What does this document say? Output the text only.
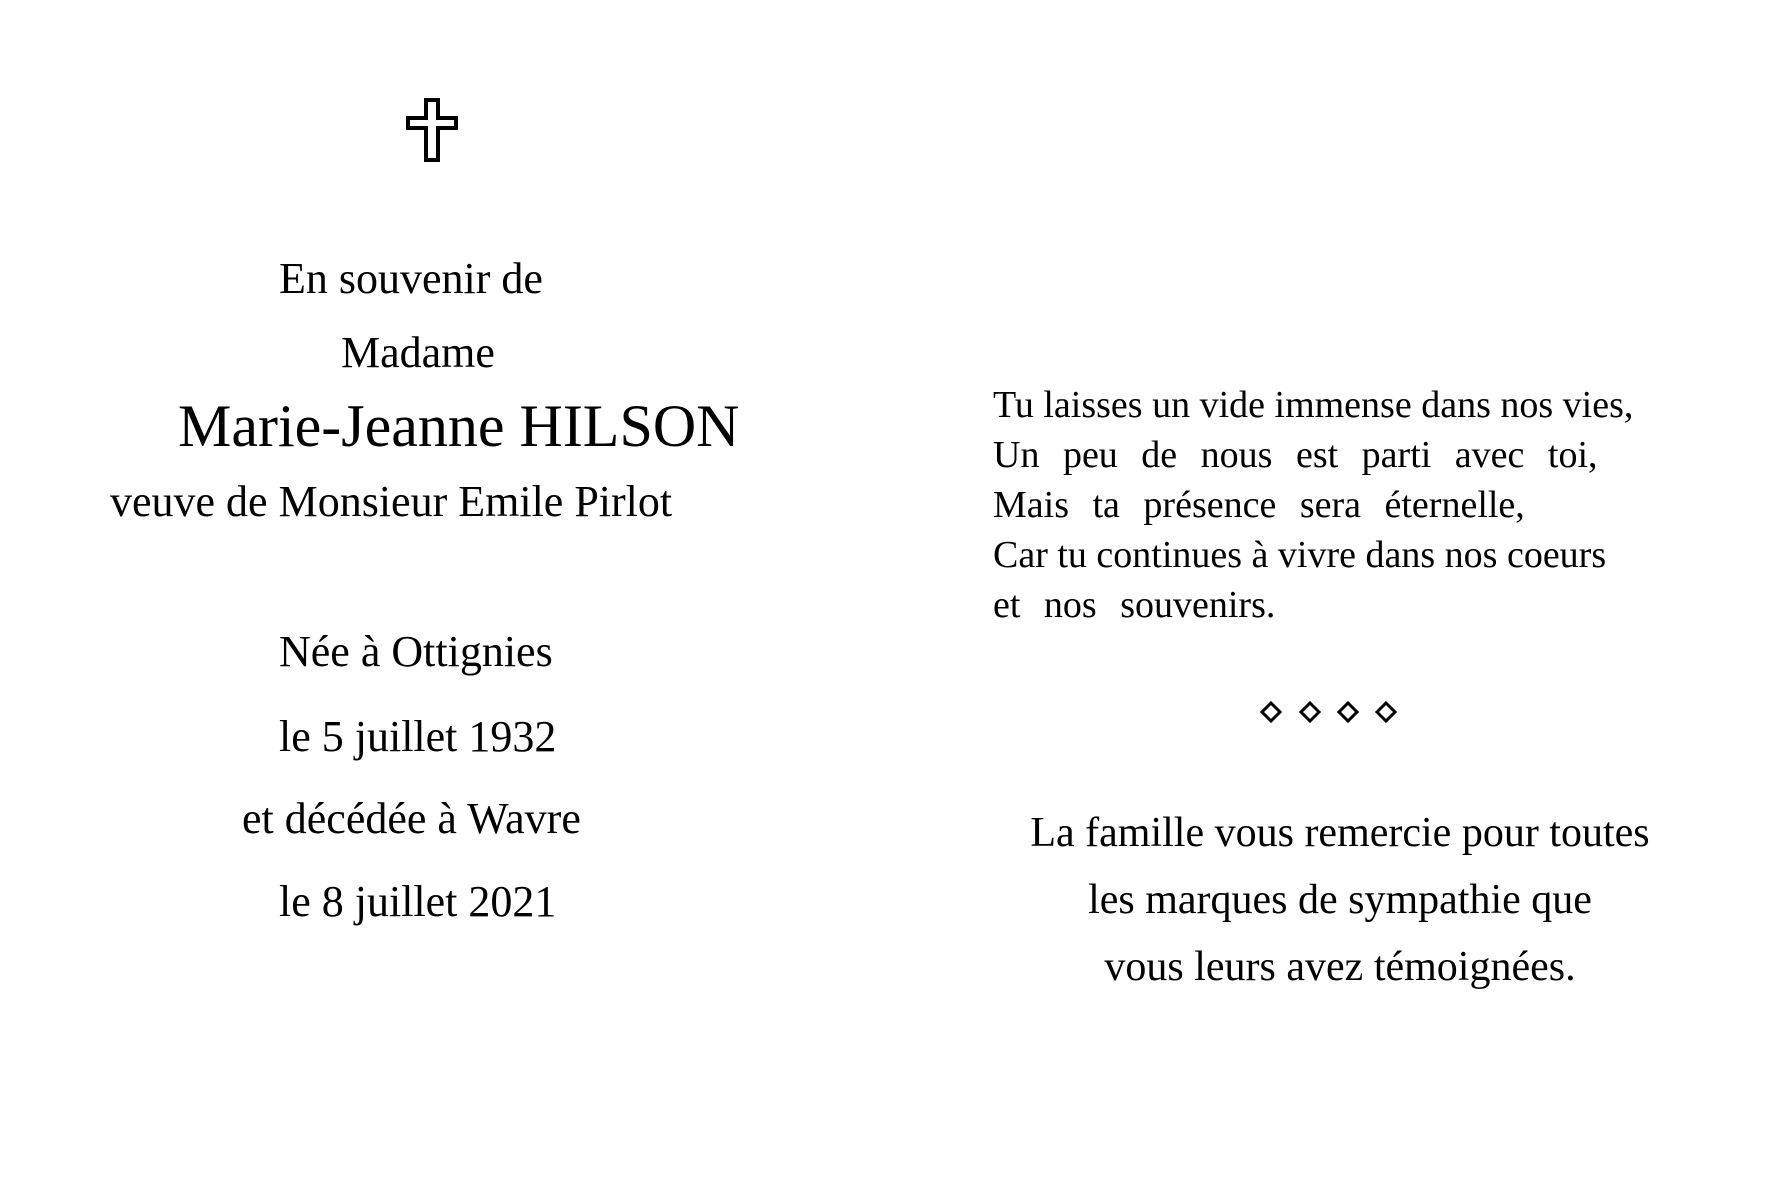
En souvenir de
Madame
Marie-Jeanne HILSON
veuve de Monsieur Emile Pirlot
Née à Ottignies
le 5 juillet 1932
et décédée à Wavre
le 8 juillet 2021
Tu laisses un vide immense dans nos vies,
Un peu de nous est parti avec toi,
Mais ta présence sera éternelle,
Car tu continues à vivre dans nos coeurs
et nos souvenirs.
La famille vous remercie pour toutes
les marques de sympathie que
vous leurs avez témoignées.
